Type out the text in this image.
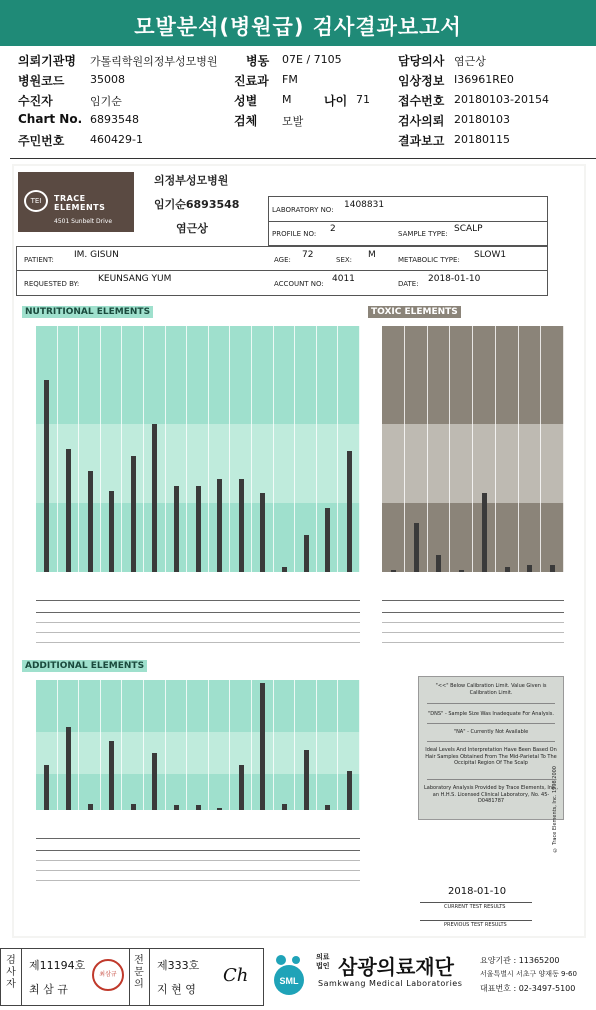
모발분석(병원급) 검사결과보고서
의뢰기관명 가톨릭학원의정부성모병원 병동 07E / 7105	담당의사 염근상
병원코드 35008	진료과 FM	임상정보 I36961RE0
수진자	임기순	성별 M	나이 71 접수번호 20180103-20154
Chart No. 6893548	검체 모발	검사의뢰 20180103
주민번호 460429-1	결과보고 20180115
TEI	TRACE ELEMENTS
4501 Sunbelt Drive
의정부성모병원
임기순6893548
염근상
LABORATORY NO: 1408831
PROFILE NO: 2	SAMPLE TYPE: SCALP
PATIENT: IM. GISUN	AGE: 72	SEX: M	METABOLIC TYPE: SLOW1
REQUESTED BY: KEUNSANG YUM	ACCOUNT NO: 4011	DATE: 2018-01-10
NUTRITIONAL ELEMENTS	TOXIC ELEMENTS
ADDITIONAL ELEMENTS
"<<" Below Calibration Limit. Value Given is Calibration Limit.
"DNS" - Sample Size Was Inadequate For Analysis.
"NA" - Currently Not Available
Ideal Levels And Interpretation Have Been Based On Hair Samples Obtained From The Mid-Parietal To The Occipital Region Of The Scalp
Laboratory Analysis Provided by Trace Elements, Inc., an H.H.S. Licensed Clinical Laboratory, No. 45-D0481787
2018-01-10
CURRENT TEST RESULTS
PREVIOUS TEST RESULTS
© Trace Elements, Inc. 1998,2000
검사자
제11194호
최 삼 규
최삼규
전문의
제333호
지 현 영
Ch	SML
의료법인 삼광의료재단
Samkwang Medical Laboratories
요양기관 : 11365200
서울특별시 서초구 양재동 9-60
대표번호 : 02-3497-5100
